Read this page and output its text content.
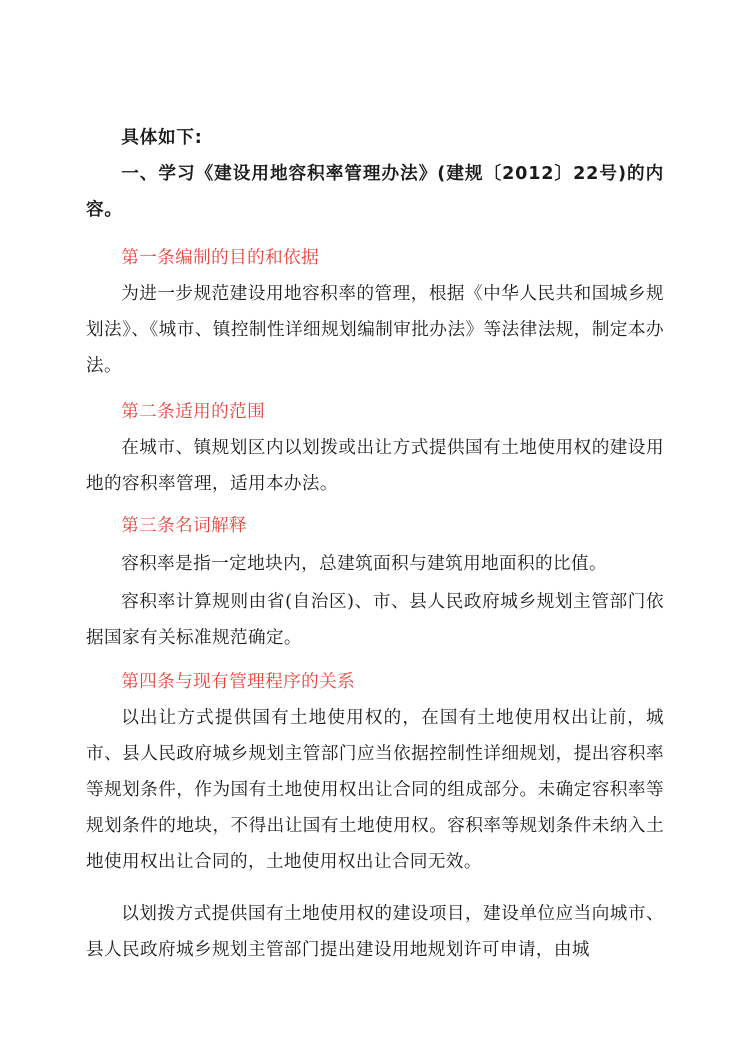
具体如下:

一、学习《建设用地容积率管理办法》(建规〔2012〕22号)的内容。

第一条编制的目的和依据

为进一步规范建设用地容积率的管理，根据《中华人民共和国城乡规划法》、《城市、镇控制性详细规划编制审批办法》等法律法规，制定本办法。

第二条适用的范围

在城市、镇规划区内以划拨或出让方式提供国有土地使用权的建设用地的容积率管理，适用本办法。

第三条名词解释

容积率是指一定地块内，总建筑面积与建筑用地面积的比值。

容积率计算规则由省(自治区)、市、县人民政府城乡规划主管部门依据国家有关标准规范确定。

第四条与现有管理程序的关系

以出让方式提供国有土地使用权的，在国有土地使用权出让前，城市、县人民政府城乡规划主管部门应当依据控制性详细规划，提出容积率等规划条件，作为国有土地使用权出让合同的组成部分。未确定容积率等规划条件的地块，不得出让国有土地使用权。容积率等规划条件未纳入土地使用权出让合同的，土地使用权出让合同无效。

以划拨方式提供国有土地使用权的建设项目，建设单位应当向城市、县人民政府城乡规划主管部门提出建设用地规划许可申请，由城
